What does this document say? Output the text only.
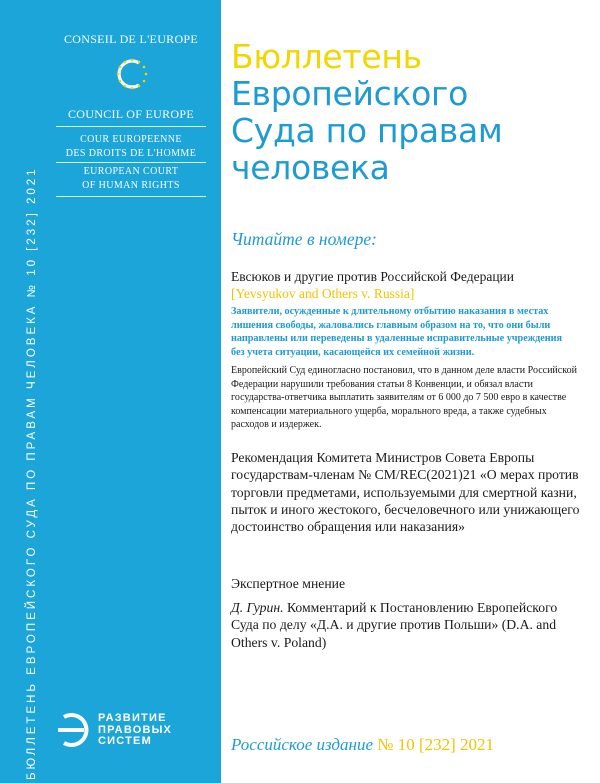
БЮЛЛЕТЕНЬ ЕВРОПЕЙСКОГО СУДА ПО ПРАВАМ ЧЕЛОВЕКА № 10 [232] 2021
CONSEIL DE L'EUROPE
COUNCIL OF EUROPE
COUR EUROPEENNE
DES DROITS DE L'HOMME
EUROPEAN COURT
OF HUMAN RIGHTS
РАЗВИТИЕ
ПРАВОВЫХ
СИСТЕМ
Бюллетень
Европейского
Суда по правам
человека
Читайте в номере:
Евсюков и другие против Российской Федерации
[Yevsyukov and Others v. Russia]
Заявители, осужденные к длительному отбытию наказания в местах лишения свободы, жаловались главным образом на то, что они были направлены или переведены в удаленные исправительные учреждения без учета ситуации, касающейся их семейной жизни.
Европейский Суд единогласно постановил, что в данном деле власти Российской Федерации нарушили требования статьи 8 Конвенции, и обязал власти государства-ответчика выплатить заявителям от 6 000 до 7 500 евро в качестве компенсации материального ущерба, морального вреда, а также судебных расходов и издержек.
Рекомендация Комитета Министров Совета Европы государствам-членам № CM/REC(2021)21 «О мерах против торговли предметами, используемыми для смертной казни, пыток и иного жестокого, бесчеловечного или унижающего достоинство обращения или наказания»
Экспертное мнение
Д. Гурин. Комментарий к Постановлению Европейского Суда по делу «Д.А. и другие против Польши» (D.A. and Others v. Poland)
Российское издание № 10 [232] 2021
